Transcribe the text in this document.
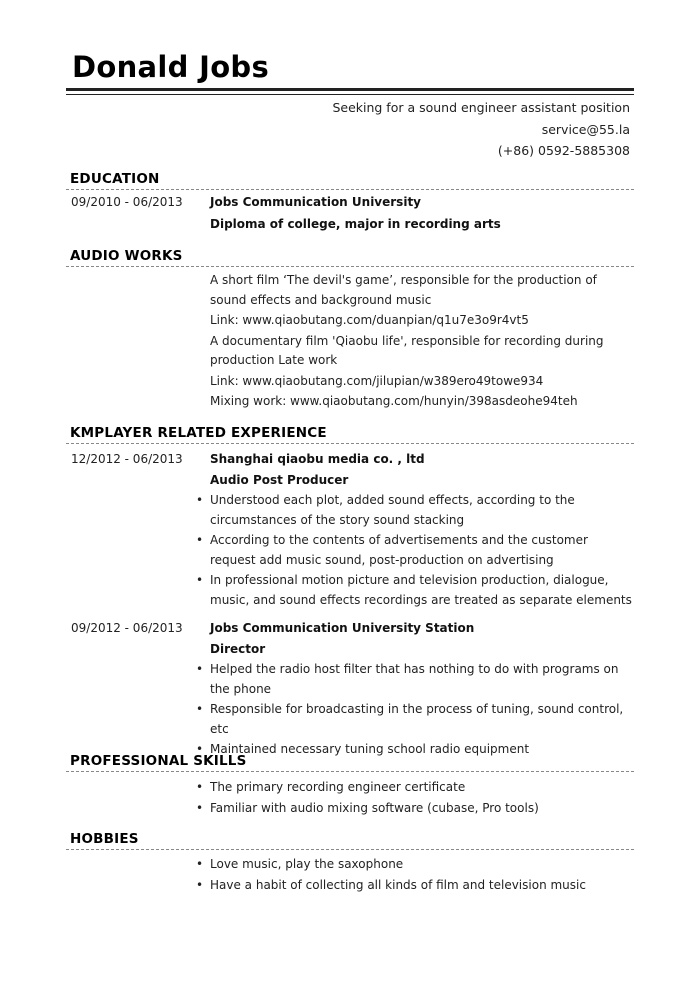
Donald Jobs
Seeking for a sound engineer assistant position
service@55.la
(+86) 0592-5885308
EDUCATION
09/2010 - 06/2013 Jobs Communication University
Diploma of college, major in recording arts
AUDIO WORKS
A short film ‘The devil's game’, responsible for the production of sound effects and background music
Link: www.qiaobutang.com/duanpian/q1u7e3o9r4vt5
A documentary film 'Qiaobu life', responsible for recording during production Late work
Link: www.qiaobutang.com/jilupian/w389ero49towe934
Mixing work: www.qiaobutang.com/hunyin/398asdeohe94teh
KMPLAYER RELATED EXPERIENCE
12/2012 - 06/2013	Shanghai qiaobu media co. , ltd
Audio Post Producer
• Understood each plot, added sound effects, according to the circumstances of the story sound stacking
• According to the contents of advertisements and the customer request add music sound, post-production on advertising
• In professional motion picture and television production, dialogue, music, and sound effects recordings are treated as separate elements
09/2012 - 06/2013	Jobs Communication University Station
Director
• Helped the radio host filter that has nothing to do with programs on the phone
• Responsible for broadcasting in the process of tuning, sound control, etc
• Maintained necessary tuning school radio equipment
PROFESSIONAL SKILLS
• The primary recording engineer certificate
• Familiar with audio mixing software (cubase, Pro tools)
HOBBIES
• Love music, play the saxophone
• Have a habit of collecting all kinds of film and television music
